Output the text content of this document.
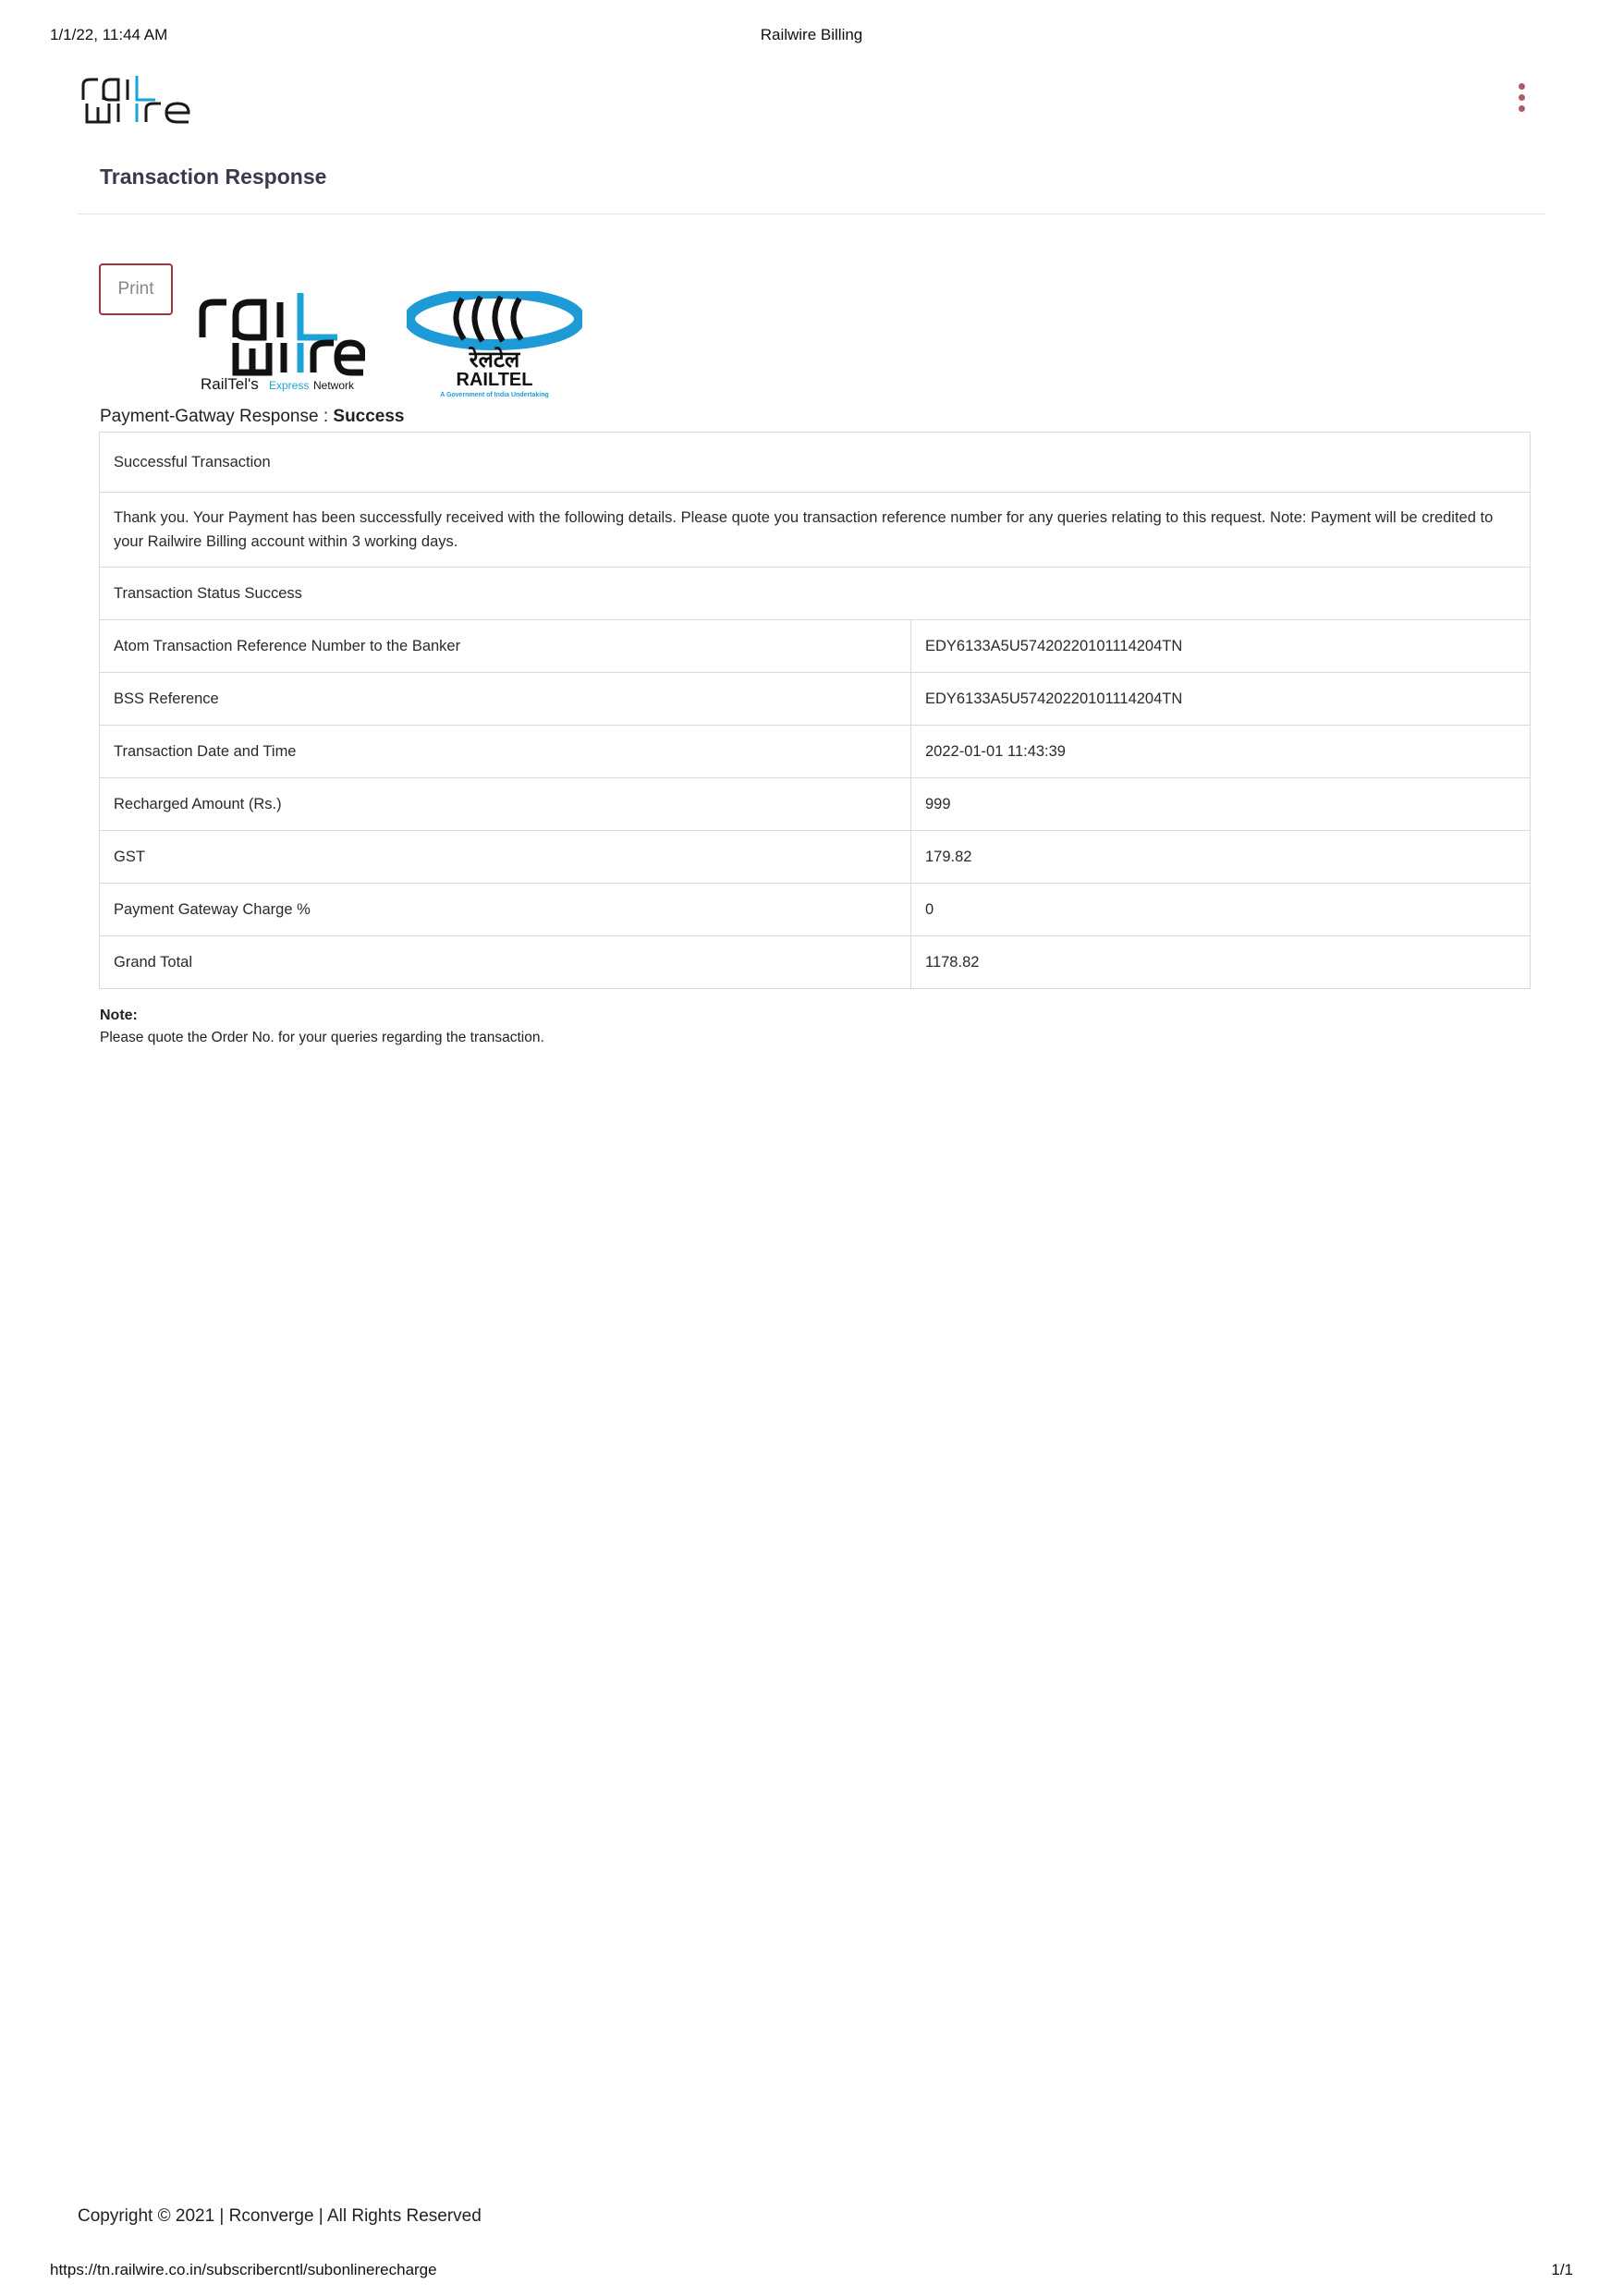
1/1/22, 11:44 AM	Railwire Billing
Transaction Response
Print
RailTel's Express Network
रेलटेल
RAILTEL
A Government of India Undertaking
Payment-Gatway Response : Success
Successful Transaction	
Thank you. Your Payment has been successfully received with the following details. Please quote you transaction reference number for any queries relating to this request. Note: Payment will be credited to your Railwire Billing account within 3 working days.	
Transaction Status Success	
Atom Transaction Reference Number to the Banker	EDY6133A5U57420220101114204TN
BSS Reference	EDY6133A5U57420220101114204TN
Transaction Date and Time	2022-01-01 11:43:39
Recharged Amount (Rs.)	999
GST	179.82
Payment Gateway Charge %	0
Grand Total	1178.82
Note:
Please quote the Order No. for your queries regarding the transaction.
Copyright © 2021 | Rconverge | All Rights Reserved
https://tn.railwire.co.in/subscribercntl/subonlinerecharge	1/1
